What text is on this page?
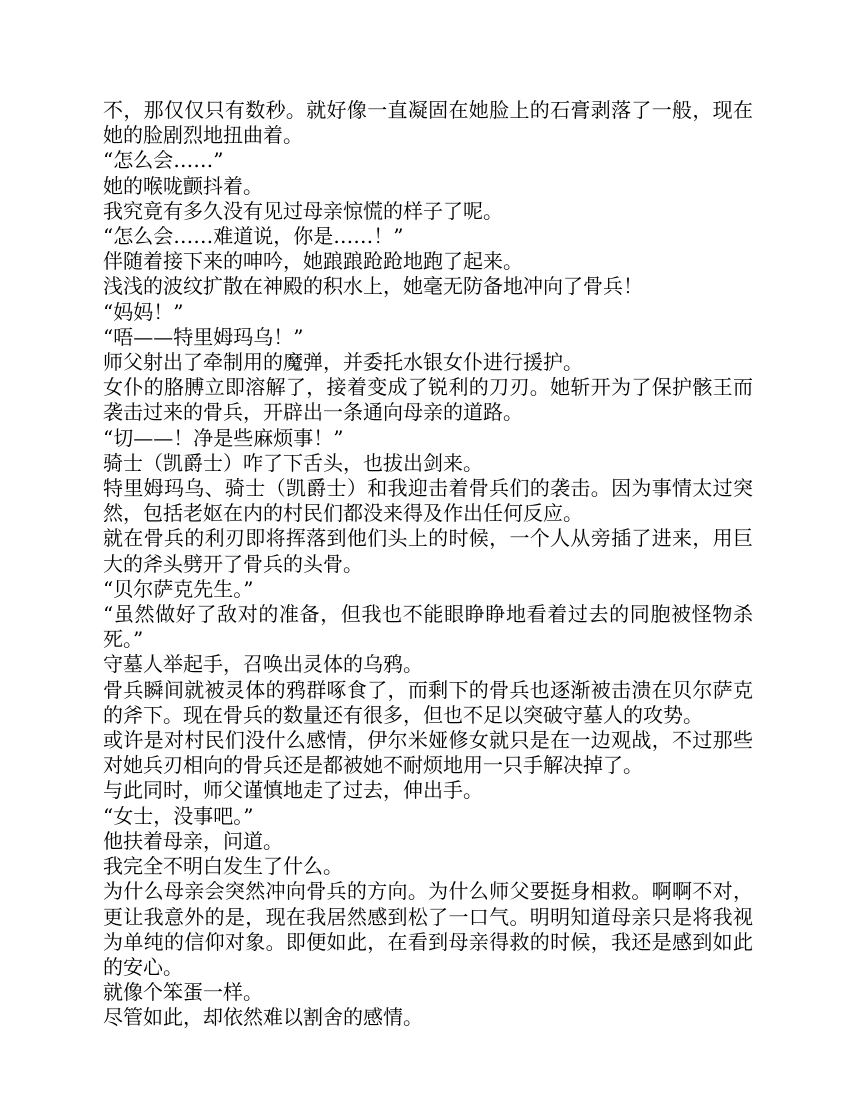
不，那仅仅只有数秒。就好像一直凝固在她脸上的石膏剥落了一般，现在她的脸剧烈地扭曲着。

“怎么会……”

她的喉咙颤抖着。

我究竟有多久没有见过母亲惊慌的样子了呢。

“怎么会……难道说，你是……！”

伴随着接下来的呻吟，她踉踉跄跄地跑了起来。

浅浅的波纹扩散在神殿的积水上，她毫无防备地冲向了骨兵！

“妈妈！”

“唔——特里姆玛乌！”

师父射出了牵制用的魔弹，并委托水银女仆进行援护。

女仆的胳膊立即溶解了，接着变成了锐利的刀刃。她斩开为了保护骸王而袭击过来的骨兵，开辟出一条通向母亲的道路。

“切——！净是些麻烦事！”

骑士（凯爵士）咋了下舌头，也拔出剑来。

特里姆玛乌、骑士（凯爵士）和我迎击着骨兵们的袭击。因为事情太过突然，包括老妪在内的村民们都没来得及作出任何反应。

就在骨兵的利刃即将挥落到他们头上的时候，一个人从旁插了进来，用巨大的斧头劈开了骨兵的头骨。

“贝尔萨克先生。”

“虽然做好了敌对的准备，但我也不能眼睁睁地看着过去的同胞被怪物杀死。”

守墓人举起手，召唤出灵体的乌鸦。

骨兵瞬间就被灵体的鸦群啄食了，而剩下的骨兵也逐渐被击溃在贝尔萨克的斧下。现在骨兵的数量还有很多，但也不足以突破守墓人的攻势。

或许是对村民们没什么感情，伊尔米娅修女就只是在一边观战，不过那些对她兵刃相向的骨兵还是都被她不耐烦地用一只手解决掉了。

与此同时，师父谨慎地走了过去，伸出手。

“女士，没事吧。”

他扶着母亲，问道。

我完全不明白发生了什么。

为什么母亲会突然冲向骨兵的方向。为什么师父要挺身相救。啊啊不对，更让我意外的是，现在我居然感到松了一口气。明明知道母亲只是将我视为单纯的信仰对象。即便如此，在看到母亲得救的时候，我还是感到如此的安心。

就像个笨蛋一样。

尽管如此，却依然难以割舍的感情。
